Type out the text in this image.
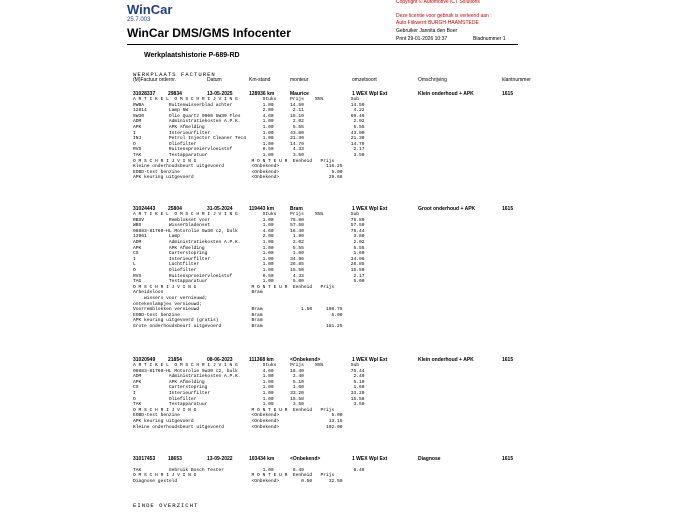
WinCar
25.7.003
WinCar DMS/GMS Infocenter
Copyright © Automotive ICT Solutions
Deze licentie voor gebruik is verleend aan :
Auto Fiikwerrt BURGH-HAAMSTEDE
Gebruiker Jannita den Boer
Print 29-01-2026 10:37	Bladnummer 1
Werkplaatshistorie P-689-RD
WERKPLAATS FACTUREN
(M)Factuur ordernr.	Datum	Km-stand	monteur	omzetsoort	Omschrijving	klantnummer
31028337	29834	13-05-2025	128936 km	Maurice	1 WEX Wpl Ext	Klein onderhoud + APK	1615
A R T I K E L  O M S C H R I J V I N G         Stuks     Prijs    %%%          Sub
RWBA         Ruitenwisserblad achter           1.00      14.50                 14.50
12814        Lamp 5W                           2.00       2.11                  4.22
5W30         Olie Quartz 9000 5W30 Fles        4.60      15.10                 69.46
ADM          Administratiekosten A.P.K.        1.00       2.02                  2.02
APK          APK Afmelding                     1.00       5.55                  5.55
I            Interieurfilter                   1.00      43.00                 43.00
INJ          Petrol Injector Cleaner Tec4      1.00      21.30                 21.30
O            Oliefilter                        1.00      14.79                 14.79
RVS          Ruitensproeiervloeistof           0.50       4.33                  2.17
TAK          Testapparatuur                    1.00       3.50                  3.50
O M S C H R I J V I N G                    M O N T E U R  Eenheid   Prijs
Kleine onderhoudsbeurt uitgevoerd          <Onbekend>                 116.25
EOBD-test benzine                          <Onbekend>                   5.00
APK keuring uitgevoerd                     <Onbekend>                  29.68
31024443	25804	31-05-2024	119443 km	Bram	1 WEX Wpl Ext	Groot onderhoud + APK	1615
A R T I K E L  O M S C H R I J V I N G         Stuks     Prijs    %%%          Sub
RBSV         Remblokset voor                   1.00      75.80                 75.80
WBS          Wisserbladenset                   1.00      57.50                 57.50
08883-81760-HL Motorolie 5w30 c2, bulk         4.60      16.40                 75.44
12961        Lamp                              2.00       1.90                  3.80
ADM          Administratiekosten A.P.K.        1.00       2.02                  2.02
APK          APK Afmelding                     1.00       5.55                  5.55
CS           Carterstopring                    1.00       1.60                  1.60
I            Interieurfilter                   1.00      34.96                 34.96
L            Luchtfilter                       1.00      26.85                 26.85
O            Oliefilter                        1.00      15.50                 15.50
RVS          Ruitensproeiervloeistof           0.50       4.33                  2.17
TAG          Testapparatuur                    1.00       5.00                  5.00
O M S C H R I J V I N G                    M O N T E U R  Eenheid   Prijs
Arbeidsloon                                Bram
wissers voor vernieuwd;
ontekenlampjes vernieuwd;
Voorremblokken vernieuwd                   Bram              1.50     108.75
EOBD-test benzine                          Bram                         5.00
APK keuring uitgevoerd (gratis)            Bram
Grote onderhoudsbeurt uitgevoerd           Bram                       181.25
31020949	21854	08-06-2023	111368 km	<Onbekend>	1 WEX Wpl Ext	Klein onderhoud + APK	1615
A R T I K E L  O M S C H R I J V I N G         Stuks     Prijs    %%%          Sub
08883-81760-HL Motorolie 5w30 c2, bulk         4.60      16.40                 75.44
ADM          Administratiekosten A.P.K.        1.00       2.40                  2.40
APK          APK Afmelding                     1.00       5.10                  5.10
CS           Carterstopring                    1.00       1.60                  1.60
I            Interieurfilter                   1.00      33.20                 33.20
O            Oliefilter                        1.00      15.58                 15.58
TAK          Testapparatuur                    1.00       3.50                  3.50
O M S C H R I J V I N G                    M O N T E U R  Eenheid   Prijs
EOBD-test benzine                          <Onbekend>                   5.00
APK keuring uitgevoerd                     <Onbekend>                  13.15
Kleine onderhoudsbeurt uitgevoerd          <Onbekend>                 102.00
31017453	18653	13-09-2022	103434 km	<Onbekend>	1 WEX Wpl Ext	Diagnose	1615
TAK          Gebruik Bosch Tester              1.00       6.49                  6.49
O M S C H R I J V I N G                    M O N T E U R  Eenheid   Prijs
Diagnose gesteld                           <Onbekend>        0.50      32.50
EINDE OVERZICHT
